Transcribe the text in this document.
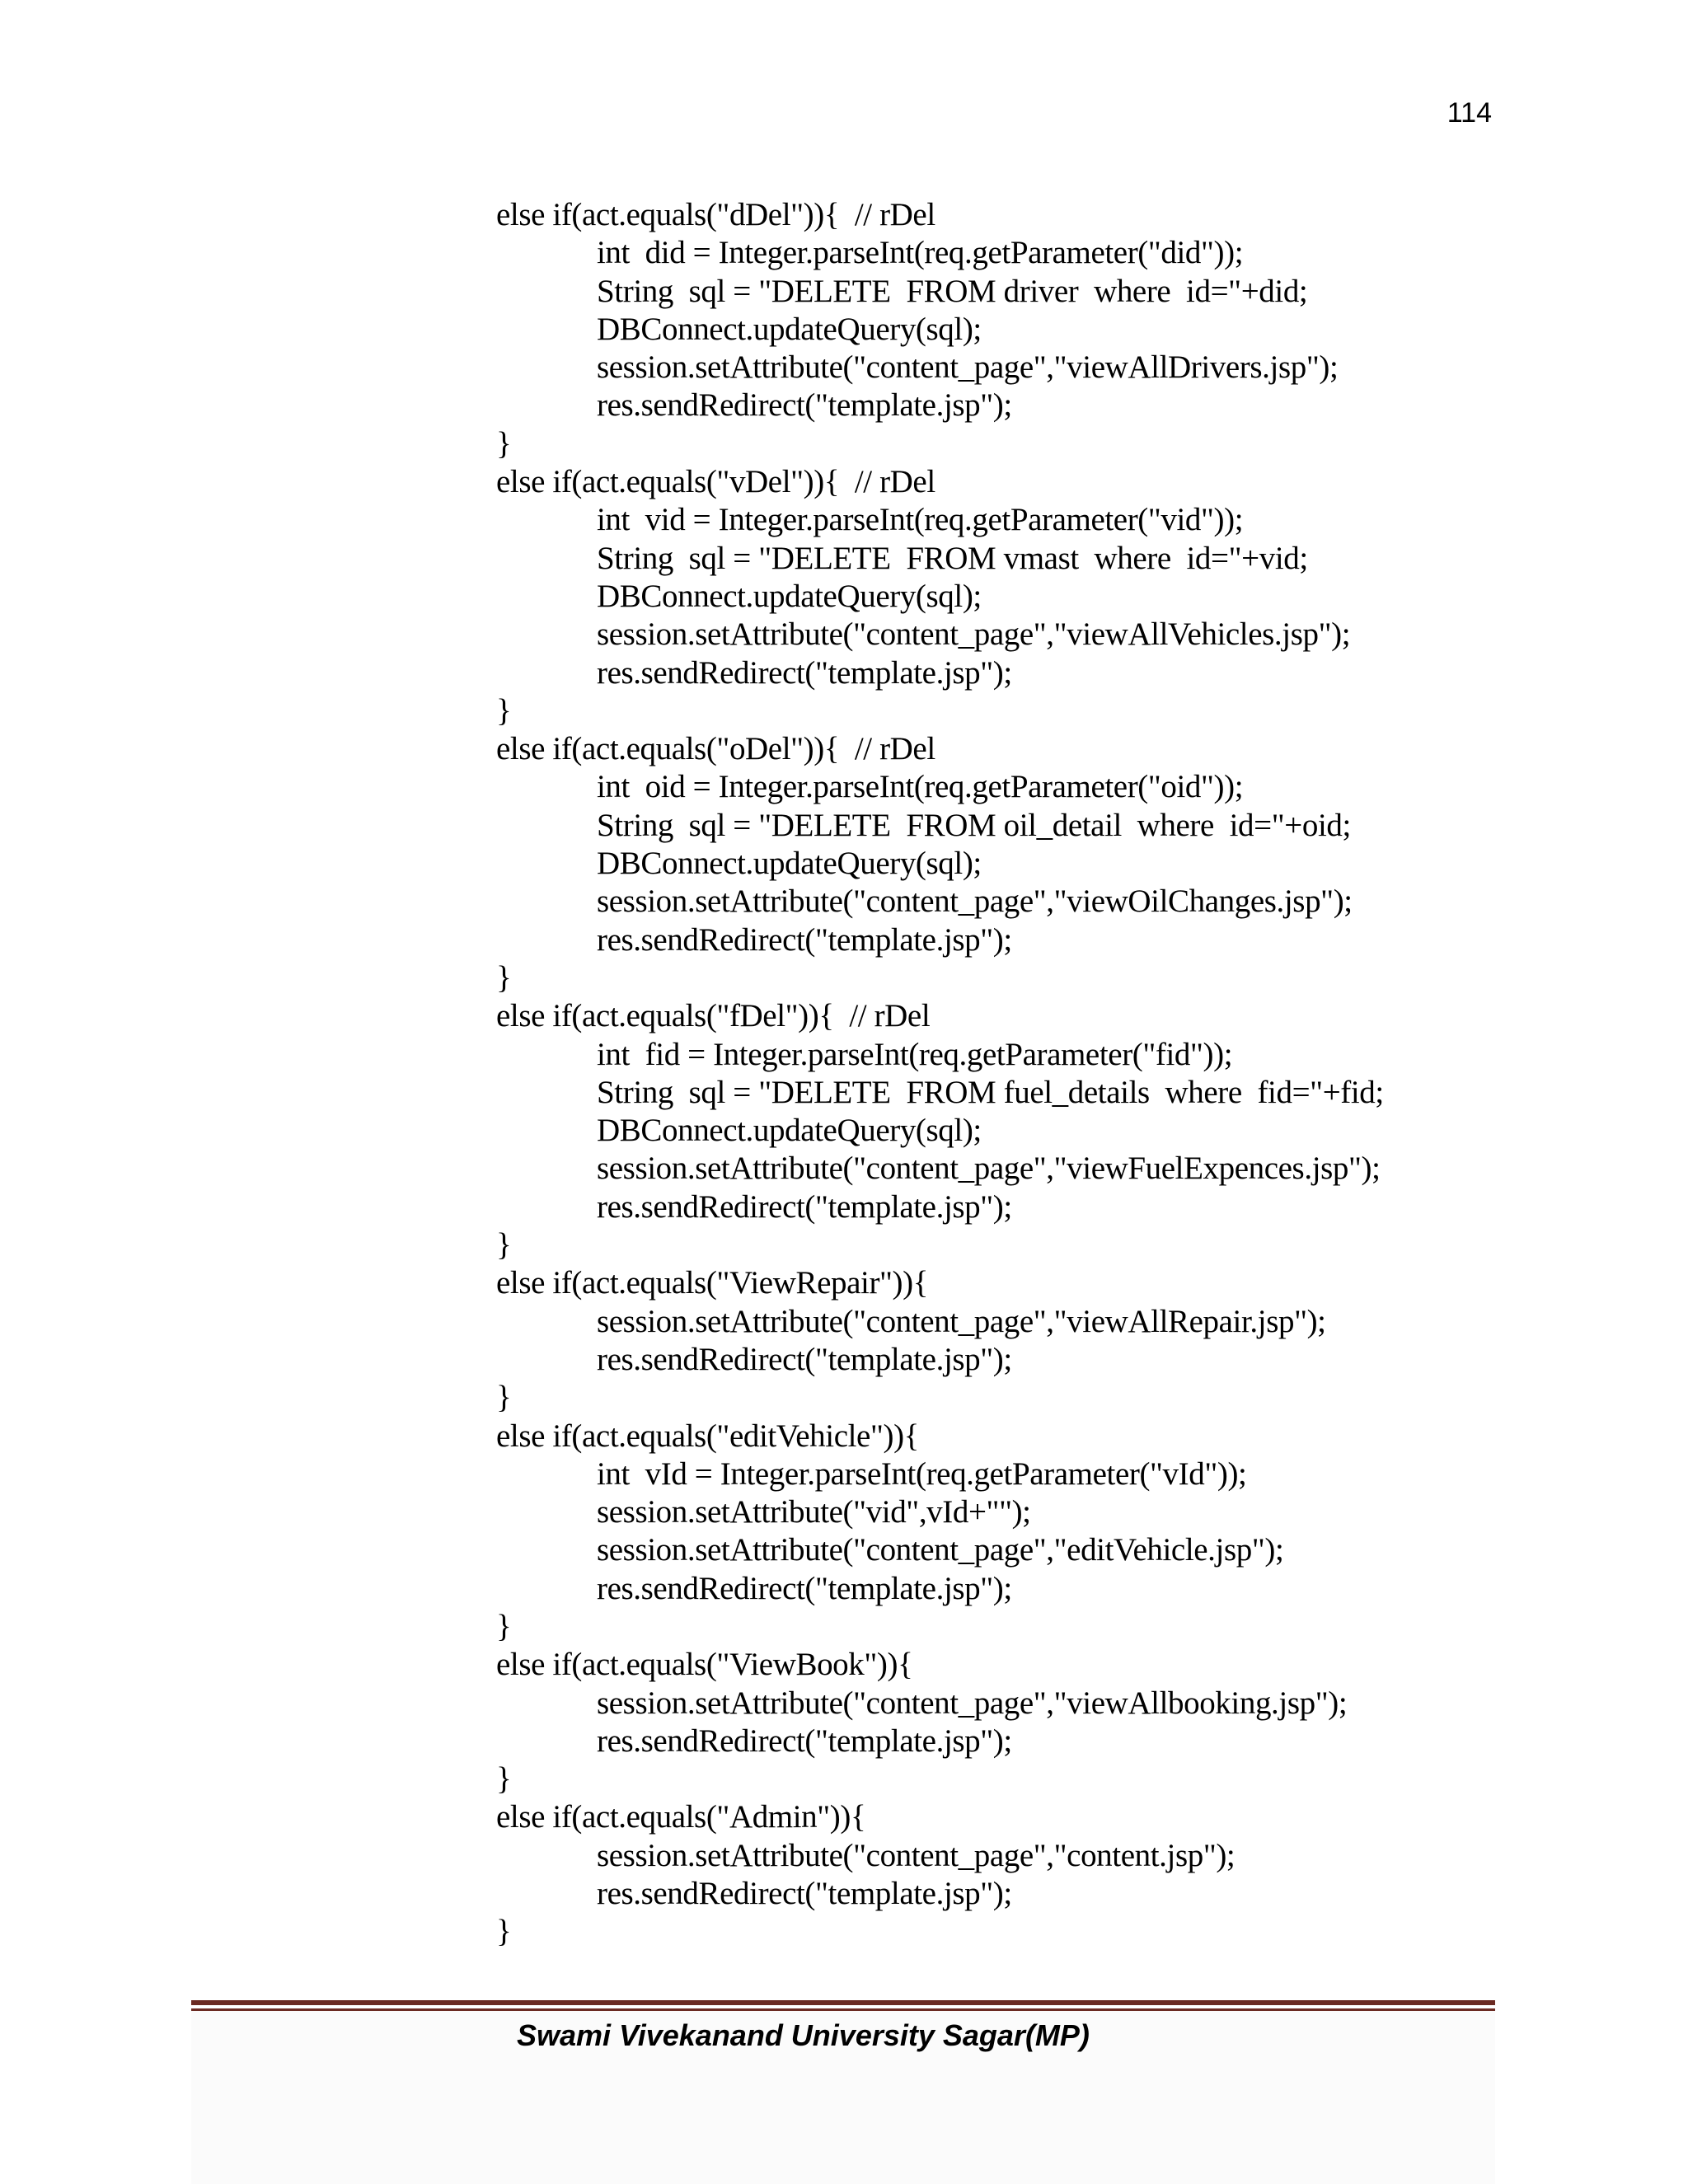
114
else if(act.equals("dDel")){  // rDel
int  did = Integer.parseInt(req.getParameter("did"));
String  sql = "DELETE  FROM driver  where  id="+did;
DBConnect.updateQuery(sql);
session.setAttribute("content_page","viewAllDrivers.jsp");
res.sendRedirect("template.jsp");
}
else if(act.equals("vDel")){  // rDel
int  vid = Integer.parseInt(req.getParameter("vid"));
String  sql = "DELETE  FROM vmast  where  id="+vid;
DBConnect.updateQuery(sql);
session.setAttribute("content_page","viewAllVehicles.jsp");
res.sendRedirect("template.jsp");
}
else if(act.equals("oDel")){  // rDel
int  oid = Integer.parseInt(req.getParameter("oid"));
String  sql = "DELETE  FROM oil_detail  where  id="+oid;
DBConnect.updateQuery(sql);
session.setAttribute("content_page","viewOilChanges.jsp");
res.sendRedirect("template.jsp");
}
else if(act.equals("fDel")){  // rDel
int  fid = Integer.parseInt(req.getParameter("fid"));
String  sql = "DELETE  FROM fuel_details  where  fid="+fid;
DBConnect.updateQuery(sql);
session.setAttribute("content_page","viewFuelExpences.jsp");
res.sendRedirect("template.jsp");
}
else if(act.equals("ViewRepair")){
session.setAttribute("content_page","viewAllRepair.jsp");
res.sendRedirect("template.jsp");
}
else if(act.equals("editVehicle")){
int  vId = Integer.parseInt(req.getParameter("vId"));
session.setAttribute("vid",vId+"");
session.setAttribute("content_page","editVehicle.jsp");
res.sendRedirect("template.jsp");
}
else if(act.equals("ViewBook")){
session.setAttribute("content_page","viewAllbooking.jsp");
res.sendRedirect("template.jsp");
}
else if(act.equals("Admin")){
session.setAttribute("content_page","content.jsp");
res.sendRedirect("template.jsp");
}
Swami Vivekanand University Sagar(MP)
